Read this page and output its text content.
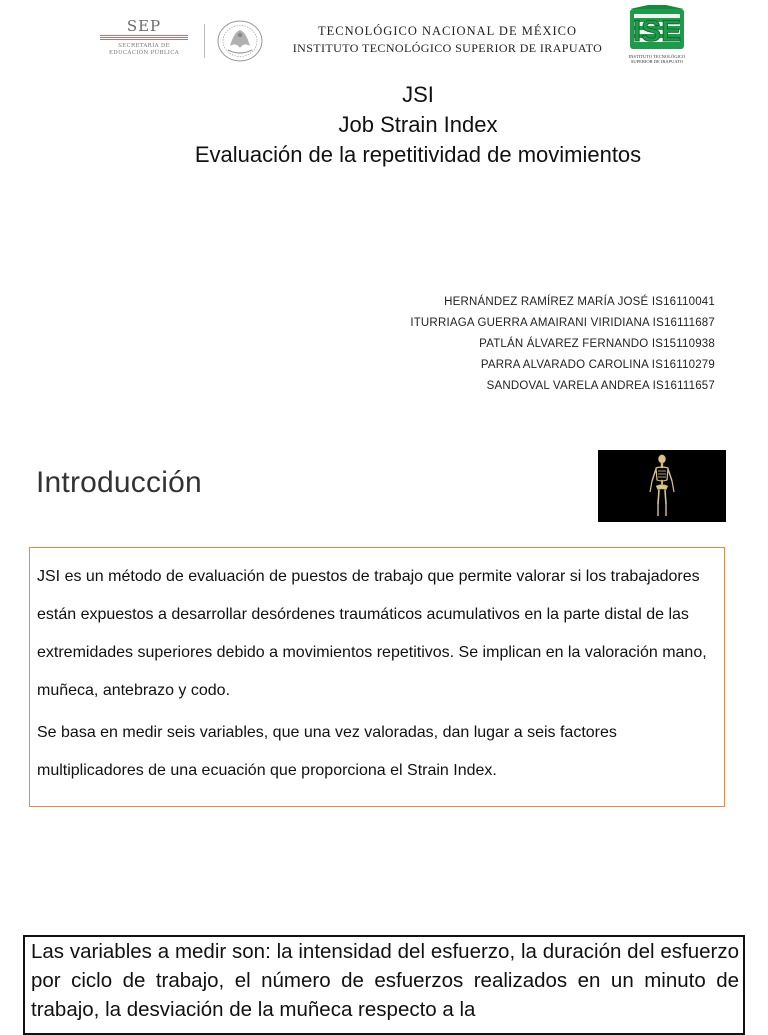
SEP
SECRETARÍA DE
EDUCACIÓN PÚBLICA
TECNOLÓGICO NACIONAL DE MÉXICO
INSTITUTO TECNOLÓGICO SUPERIOR DE IRAPUATO	ISE
INSTITUTO TECNOLÓGICO
SUPERIOR DE IRAPUATO
JSI
Job Strain Index
Evaluación de la repetitividad de movimientos
HERNÁNDEZ RAMÍREZ MARÍA JOSÉ IS16110041
ITURRIAGA GUERRA AMAIRANI VIRIDIANA IS16111687
PATLÁN ÁLVAREZ FERNANDO IS15110938
PARRA ALVARADO CAROLINA IS16110279
SANDOVAL VARELA ANDREA IS16111657
Introducción

JSI es un método de evaluación de puestos de trabajo que permite valorar si los trabajadores están expuestos a desarrollar desórdenes traumáticos acumulativos en la parte distal de las extremidades superiores debido a movimientos repetitivos. Se implican en la valoración mano, muñeca, antebrazo y codo.

Se basa en medir seis variables, que una vez valoradas, dan lugar a seis factores multiplicadores de una ecuación que proporciona el Strain Index.

Las variables a medir son: la intensidad del esfuerzo, la duración del esfuerzo por ciclo de trabajo, el número de esfuerzos realizados en un minuto de trabajo, la desviación de la muñeca respecto a la
